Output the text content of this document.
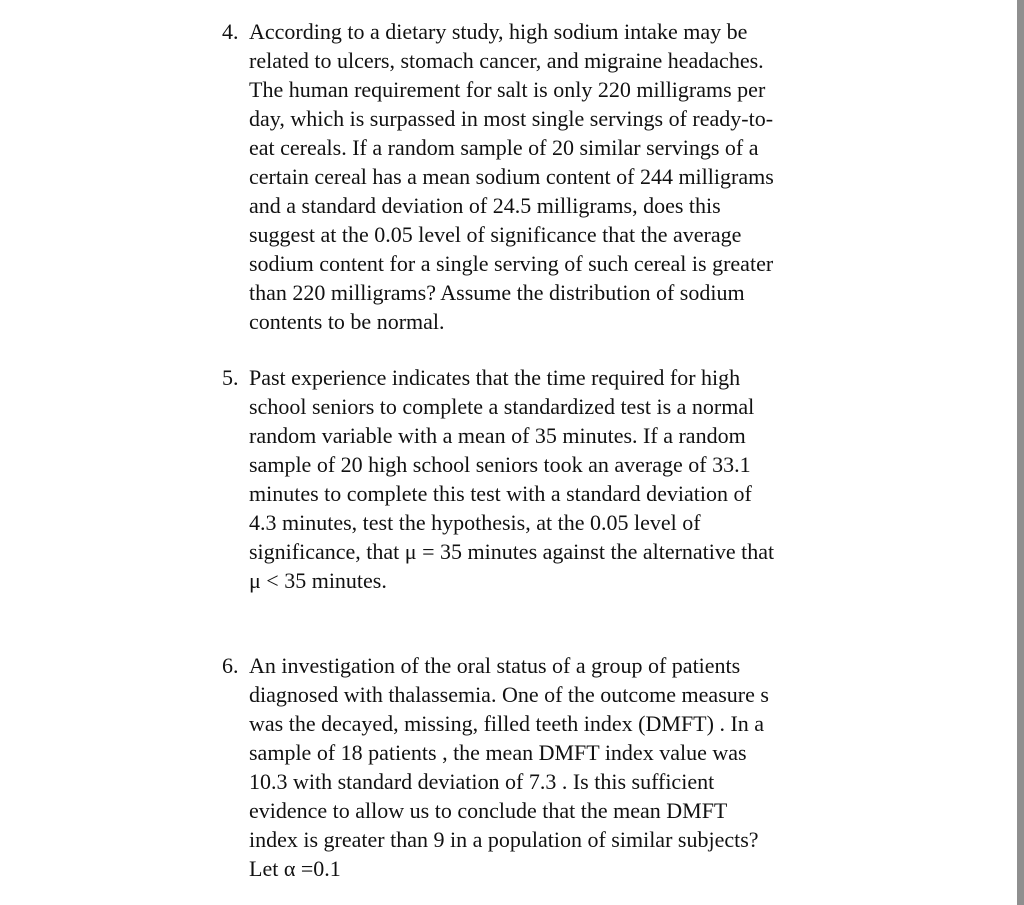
4. According to a dietary study, high sodium intake may be
related to ulcers, stomach cancer, and migraine headaches.
The human requirement for salt is only 220 milligrams per
day, which is surpassed in most single servings of ready-to-
eat cereals. If a random sample of 20 similar servings of a
certain cereal has a mean sodium content of 244 milligrams
and a standard deviation of 24.5 milligrams, does this
suggest at the 0.05 level of significance that the average
sodium content for a single serving of such cereal is greater
than 220 milligrams? Assume the distribution of sodium
contents to be normal.
5. Past experience indicates that the time required for high
school seniors to complete a standardized test is a normal
random variable with a mean of 35 minutes. If a random
sample of 20 high school seniors took an average of 33.1
minutes to complete this test with a standard deviation of
4.3 minutes, test the hypothesis, at the 0.05 level of
significance, that μ = 35 minutes against the alternative that
μ < 35 minutes.
6. An investigation of the oral status of a group of patients
diagnosed with thalassemia. One of the outcome measure s
was the decayed, missing, filled teeth index (DMFT) . In a
sample of 18 patients , the mean DMFT index value was
10.3 with standard deviation of 7.3 . Is this sufficient
evidence to allow us to conclude that the mean DMFT
index is greater than 9 in a population of similar subjects?
Let α =0.1
